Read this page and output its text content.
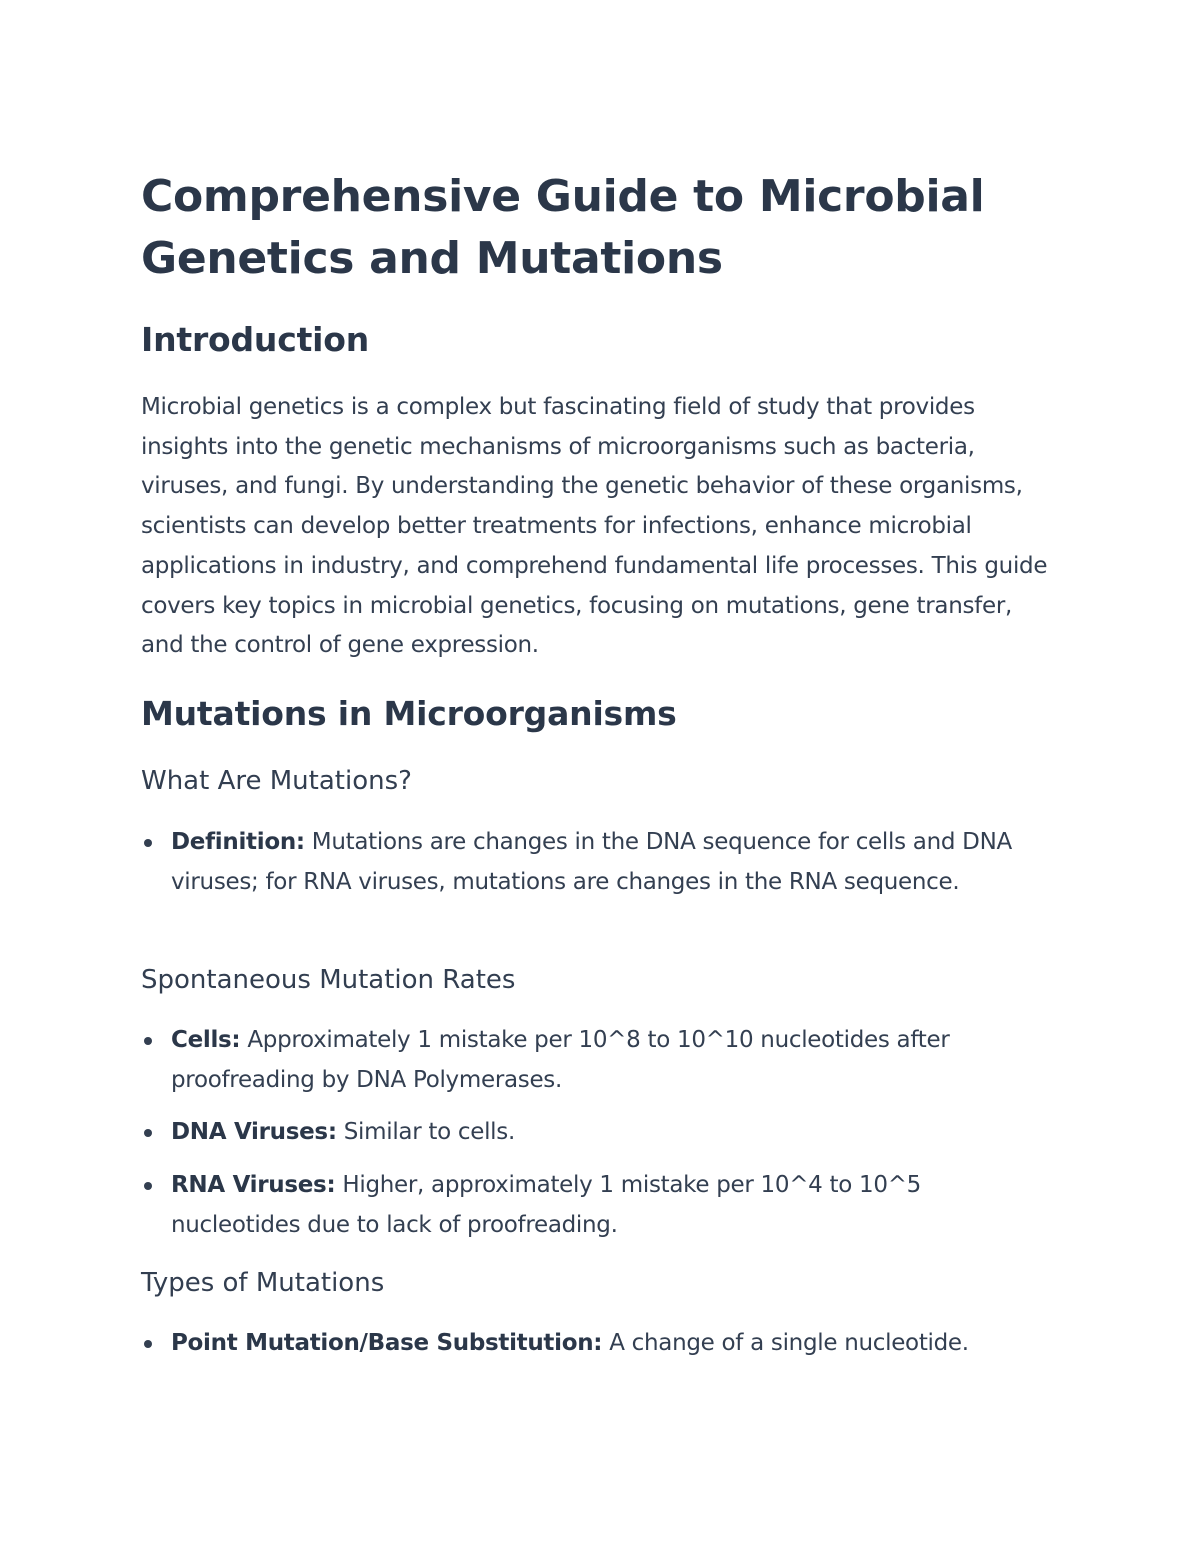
Comprehensive Guide to Microbial Genetics and Mutations
Introduction

Microbial genetics is a complex but fascinating field of study that provides insights into the genetic mechanisms of microorganisms such as bacteria, viruses, and fungi. By understanding the genetic behavior of these organisms, scientists can develop better treatments for infections, enhance microbial applications in industry, and comprehend fundamental life processes. This guide covers key topics in microbial genetics, focusing on mutations, gene transfer, and the control of gene expression.

Mutations in Microorganisms
What Are Mutations?
Definition: Mutations are changes in the DNA sequence for cells and DNA viruses; for RNA viruses, mutations are changes in the RNA sequence.
Spontaneous Mutation Rates
Cells: Approximately 1 mistake per 10^8 to 10^10 nucleotides after proofreading by DNA Polymerases.
DNA Viruses: Similar to cells.
RNA Viruses: Higher, approximately 1 mistake per 10^4 to 10^5 nucleotides due to lack of proofreading.
Types of Mutations
Point Mutation/Base Substitution: A change of a single nucleotide.
